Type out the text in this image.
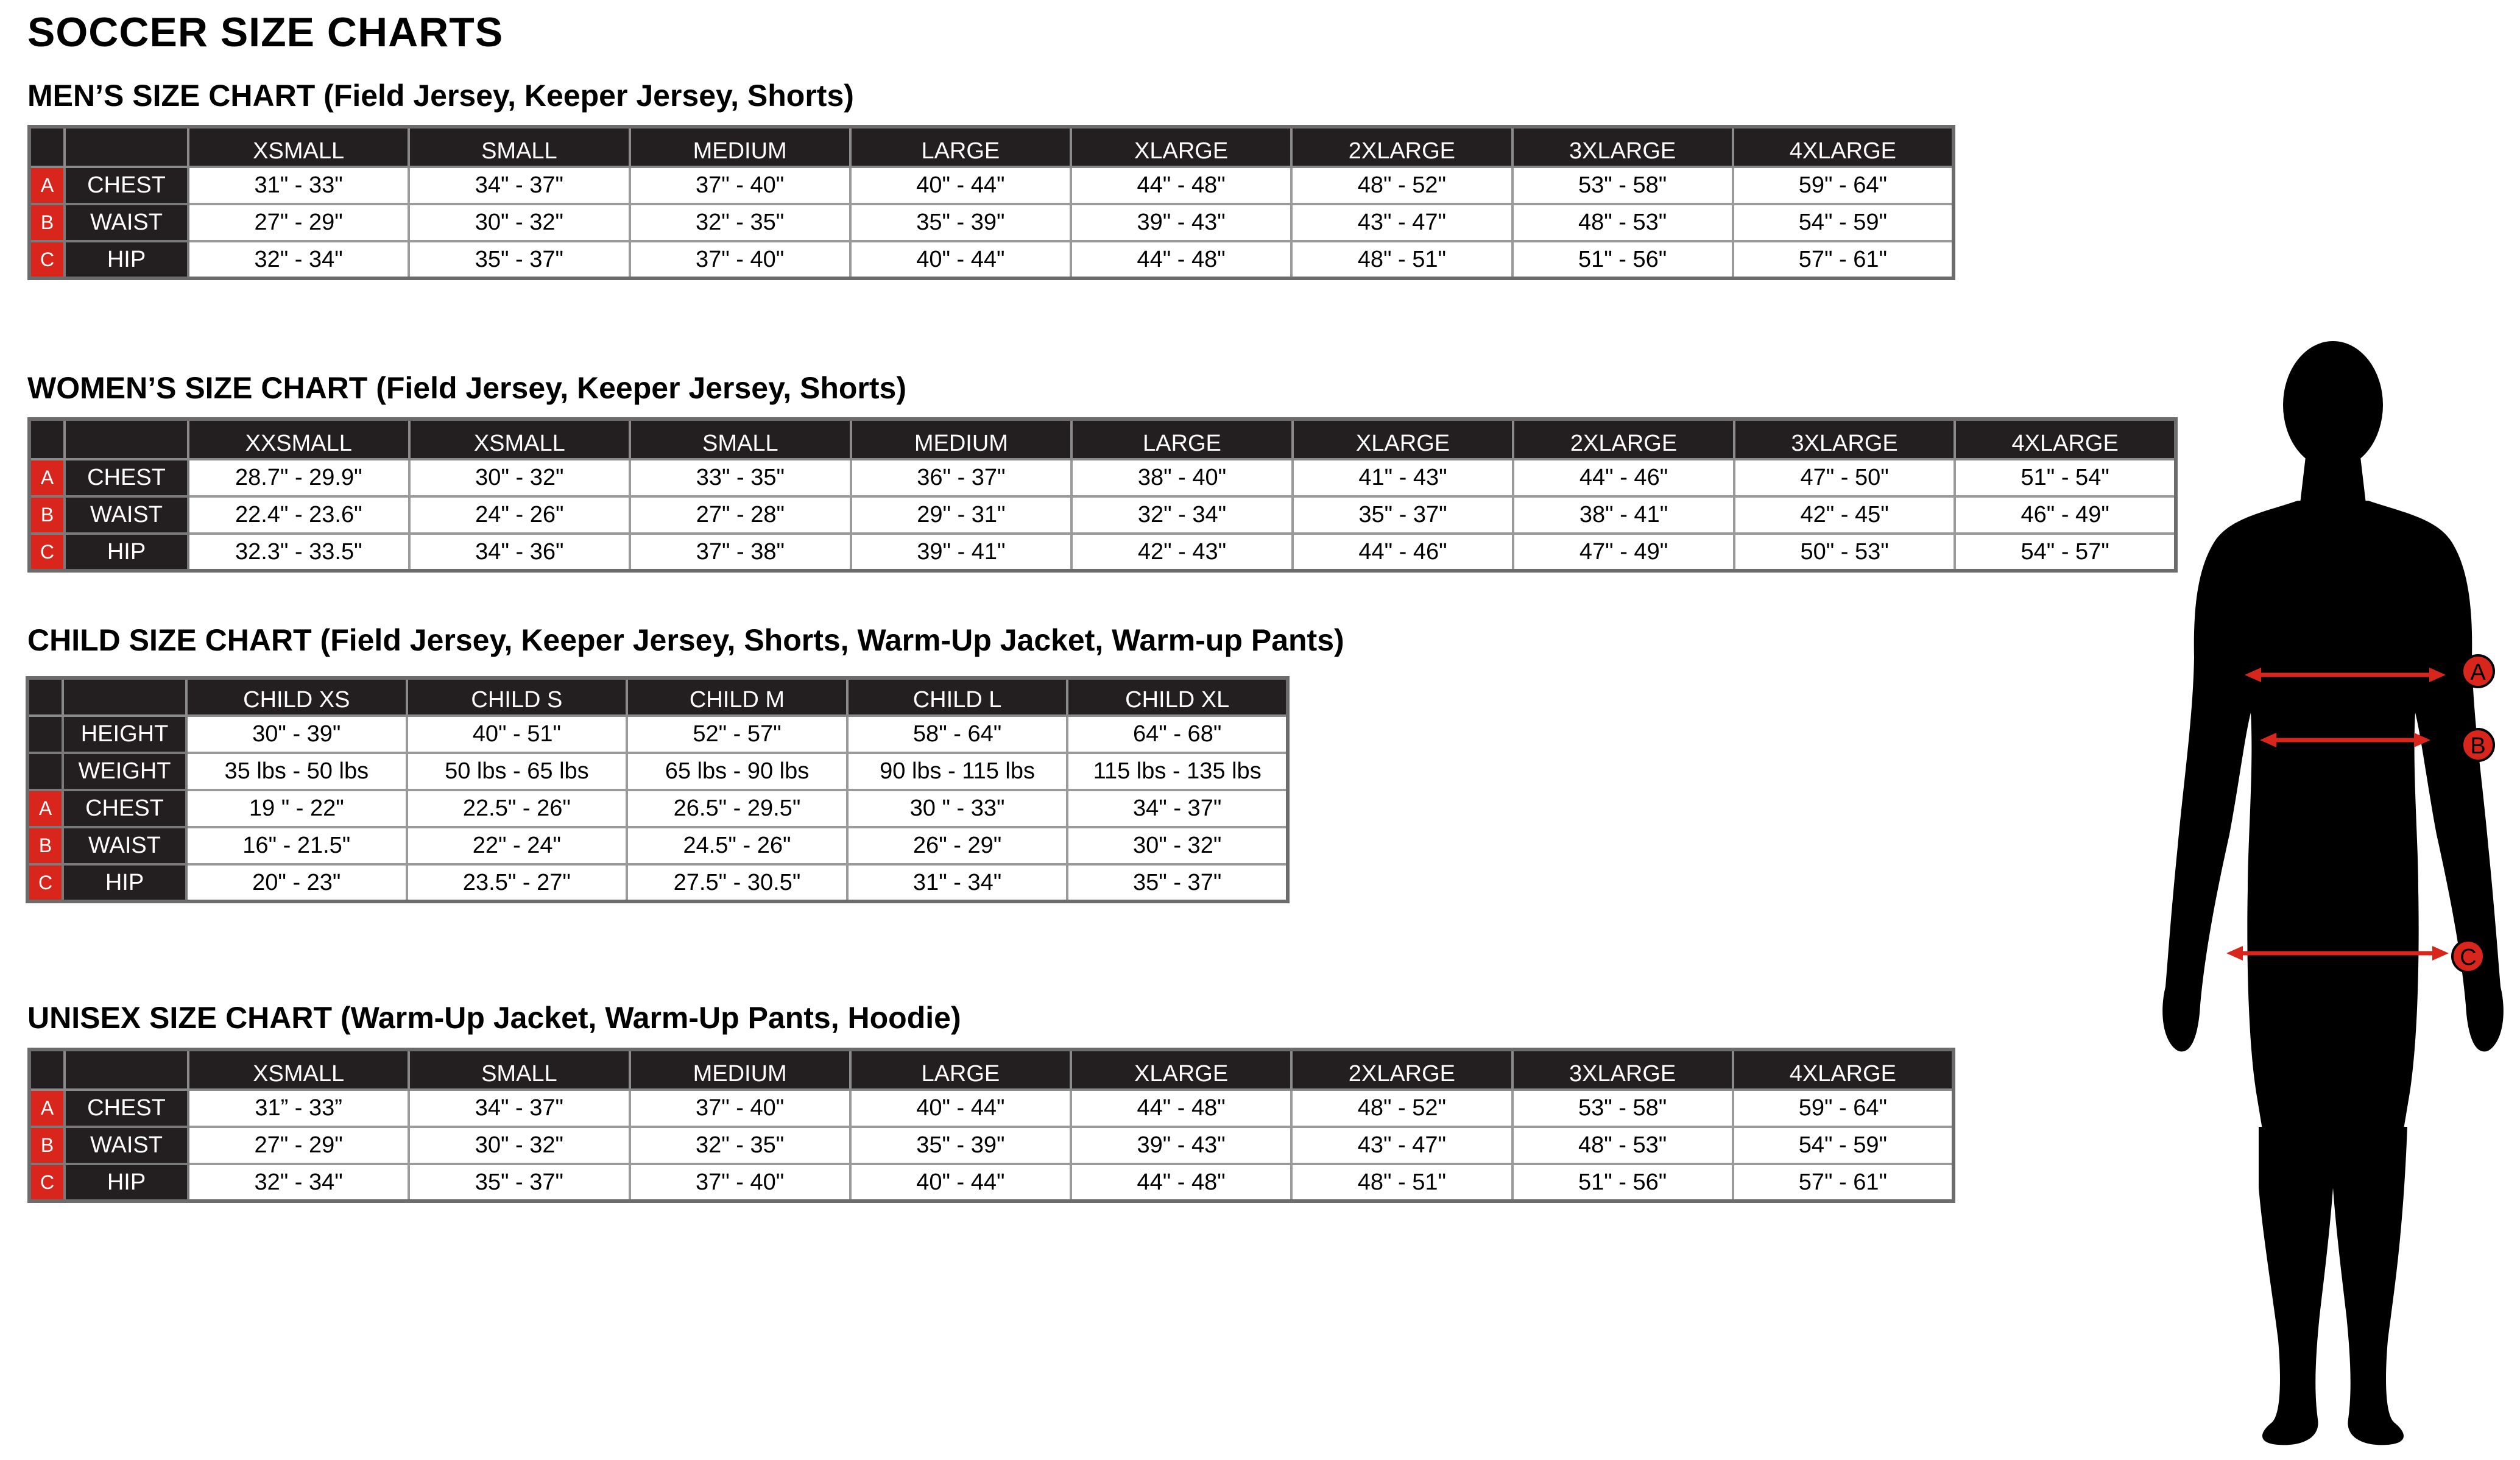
SOCCER SIZE CHARTS
MEN’S SIZE CHART (Field Jersey, Keeper Jersey, Shorts)
		XSMALL	SMALL	MEDIUM	LARGE	XLARGE	2XLARGE	3XLARGE	4XLARGE
A	CHEST	31" - 33"	34" - 37"	37" - 40"	40" - 44"	44" - 48"	48" - 52"	53" - 58"	59" - 64"
B	WAIST	27" - 29"	30" - 32"	32" - 35"	35" - 39"	39" - 43"	43" - 47"	48" - 53"	54" - 59"
C	HIP	32" - 34"	35" - 37"	37" - 40"	40" - 44"	44" - 48"	48" - 51"	51" - 56"	57" - 61"
WOMEN’S SIZE CHART (Field Jersey, Keeper Jersey, Shorts)
		XXSMALL	XSMALL	SMALL	MEDIUM	LARGE	XLARGE	2XLARGE	3XLARGE	4XLARGE
A	CHEST	28.7" - 29.9"	30" - 32"	33" - 35"	36" - 37"	38" - 40"	41" - 43"	44" - 46"	47" - 50"	51" - 54"
B	WAIST	22.4" - 23.6"	24" - 26"	27" - 28"	29" - 31"	32" - 34"	35" - 37"	38" - 41"	42" - 45"	46" - 49"
C	HIP	32.3" - 33.5"	34" - 36"	37" - 38"	39" - 41"	42" - 43"	44" - 46"	47" - 49"	50" - 53"	54" - 57"
CHILD SIZE CHART (Field Jersey, Keeper Jersey, Shorts, Warm-Up Jacket, Warm-up Pants)
		CHILD XS	CHILD S	CHILD M	CHILD L	CHILD XL
	HEIGHT	30" - 39"	40" - 51"	52" - 57"	58" - 64"	64" - 68"
	WEIGHT	35 lbs - 50 lbs	50 lbs - 65 lbs	65 lbs - 90 lbs	90 lbs - 115 lbs	115 lbs - 135 lbs
A	CHEST	19 " - 22"	22.5" - 26"	26.5" - 29.5"	30 " - 33"	34" - 37"
B	WAIST	16" - 21.5"	22" - 24"	24.5" - 26"	26" - 29"	30" - 32"
C	HIP	20" - 23"	23.5" - 27"	27.5" - 30.5"	31" - 34"	35" - 37"
UNISEX SIZE CHART (Warm-Up Jacket, Warm-Up Pants, Hoodie)
		XSMALL	SMALL	MEDIUM	LARGE	XLARGE	2XLARGE	3XLARGE	4XLARGE
A	CHEST	31” - 33”	34" - 37"	37" - 40"	40" - 44"	44" - 48"	48" - 52"	53" - 58"	59" - 64"
B	WAIST	27" - 29"	30" - 32"	32" - 35"	35" - 39"	39" - 43"	43" - 47"	48" - 53"	54" - 59"
C	HIP	32" - 34"	35" - 37"	37" - 40"	40" - 44"	44" - 48"	48" - 51"	51" - 56"	57" - 61"
A
B
C
